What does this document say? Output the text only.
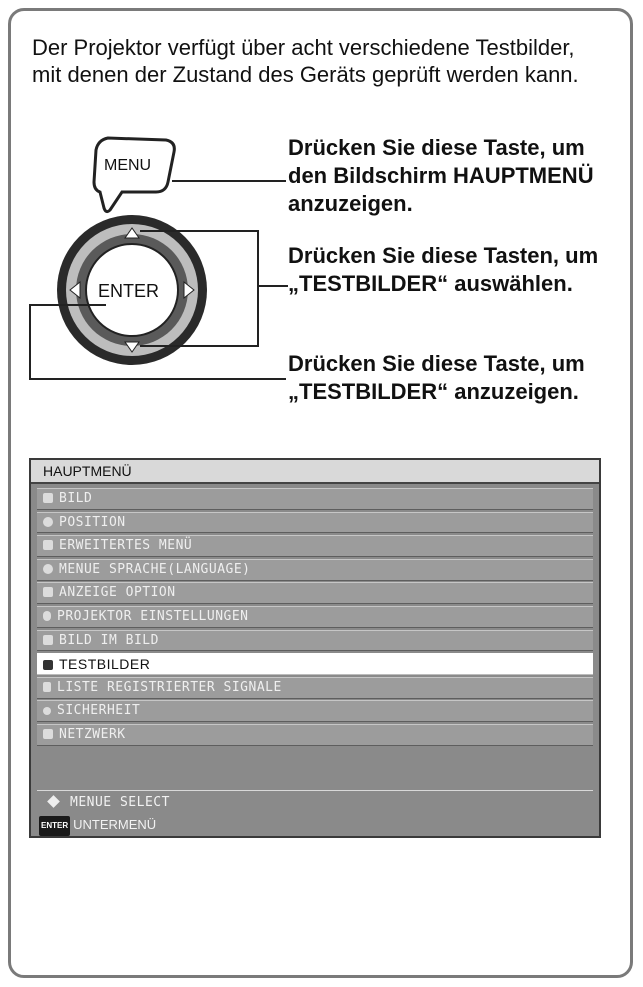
Der Projektor verfügt über acht verschiedene Testbilder, mit denen der Zustand des Geräts geprüft werden kann.
MENU
ENTER
Drücken Sie diese Taste, um den Bildschirm HAUPTMENÜ anzuzeigen.
Drücken Sie diese Tasten, um „TESTBILDER“ auswählen.
Drücken Sie diese Taste, um „TESTBILDER“ anzuzeigen.
HAUPTMENÜ
BILD
POSITION
ERWEITERTES MENÜ
MENUE SPRACHE(LANGUAGE)
ANZEIGE OPTION
PROJEKTOR EINSTELLUNGEN
BILD IM BILD
TESTBILDER
LISTE REGISTRIERTER SIGNALE
SICHERHEIT
NETZWERK
MENUE SELECT
ENTER UNTERMENÜ
